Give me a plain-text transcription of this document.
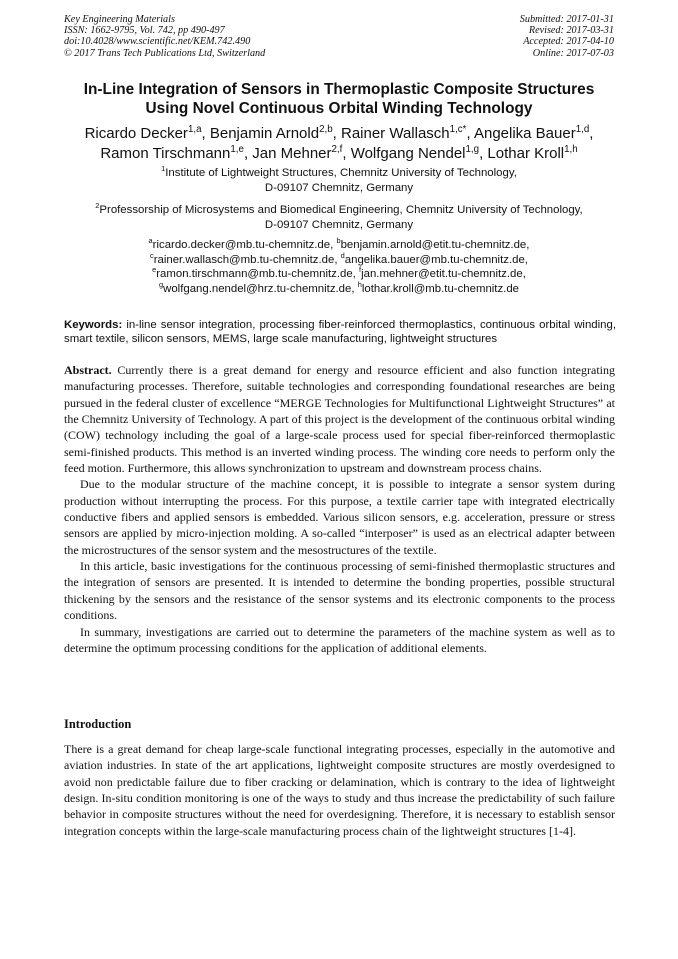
Key Engineering Materials
ISSN: 1662-9795, Vol. 742, pp 490-497
doi:10.4028/www.scientific.net/KEM.742.490
© 2017 Trans Tech Publications Ltd, Switzerland
Submitted: 2017-01-31
Revised: 2017-03-31
Accepted: 2017-04-10
Online: 2017-07-03
In-Line Integration of Sensors in Thermoplastic Composite Structures
Using Novel Continuous Orbital Winding Technology
Ricardo Decker$^{1,a}$, Benjamin Arnold$^{2,b}$, Rainer Wallasch$^{1,c*}$, Angelika Bauer$^{1,d}$,
Ramon Tirschmann$^{1,e}$, Jan Mehner$^{2,f}$, Wolfgang Nendel$^{1,g}$, Lothar Kroll$^{1,h}$
$^1$Institute of Lightweight Structures, Chemnitz University of Technology,
D-09107 Chemnitz, Germany
$^2$Professorship of Microsystems and Biomedical Engineering, Chemnitz University of Technology,
D-09107 Chemnitz, Germany
$^a$ricardo.decker@mb.tu-chemnitz.de, $^b$benjamin.arnold@etit.tu-chemnitz.de,
$^c$rainer.wallasch@mb.tu-chemnitz.de, $^d$angelika.bauer@mb.tu-chemnitz.de,
$^e$ramon.tirschmann@mb.tu-chemnitz.de, $^f$jan.mehner@etit.tu-chemnitz.de,
$^g$wolfgang.nendel@hrz.tu-chemnitz.de, $^h$lothar.kroll@mb.tu-chemnitz.de
Keywords: in-line sensor integration, processing fiber-reinforced thermoplastics, continuous orbital winding, smart textile, silicon sensors, MEMS, large scale manufacturing, lightweight structures

Abstract. Currently there is a great demand for energy and resource efficient and also function integrating manufacturing processes. Therefore, suitable technologies and corresponding foundational researches are being pursued in the federal cluster of excellence “MERGE Technologies for Multifunctional Lightweight Structures” at the Chemnitz University of Technology. A part of this project is the development of the continuous orbital winding (COW) technology including the goal of a large-scale process used for special fiber-reinforced thermoplastic semi-finished products. This method is an inverted winding process. The winding core needs to perform only the feed motion. Furthermore, this allows synchronization to upstream and downstream process chains.

Due to the modular structure of the machine concept, it is possible to integrate a sensor system during production without interrupting the process. For this purpose, a textile carrier tape with integrated electrically conductive fibers and applied sensors is embedded. Various silicon sensors, e.g. acceleration, pressure or stress sensors are applied by micro-injection molding. A so-called “interposer” is used as an electrical adapter between the microstructures of the sensor system and the mesostructures of the textile.

In this article, basic investigations for the continuous processing of semi-finished thermoplastic structures and the integration of sensors are presented. It is intended to determine the bonding properties, possible structural thickening by the sensors and the resistance of the sensor systems and its electronic components to the process conditions.

In summary, investigations are carried out to determine the parameters of the machine system as well as to determine the optimum processing conditions for the application of additional elements.

Introduction

There is a great demand for cheap large-scale functional integrating processes, especially in the automotive and aviation industries. In state of the art applications, lightweight composite structures are mostly overdesigned to avoid non predictable failure due to fiber cracking or delamination, which is contrary to the idea of lightweight design. In-situ condition monitoring is one of the ways to study and thus increase the predictability of such failure behavior in composite structures without the need for overdesigning. Therefore, it is necessary to establish sensor integration concepts within the large-scale manufacturing process chain of the lightweight structures [1-4].
